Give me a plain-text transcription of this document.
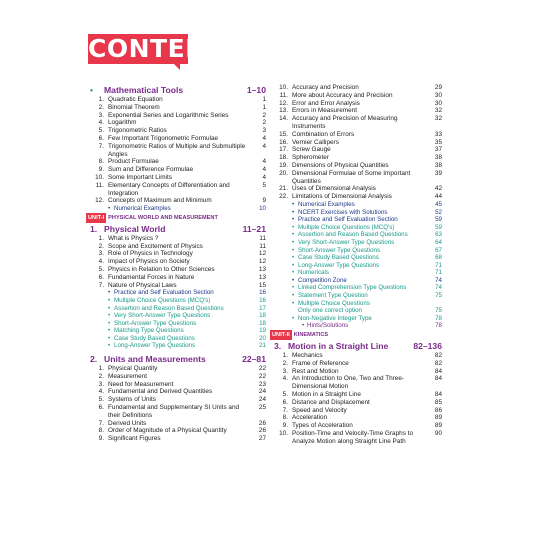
CONTENTS
•	Mathematical Tools	1–10
1. Quadratic Equation	1
2. Binomial Theorem	1
3. Exponential Series and Logarithmic Series	2
4. Logarithm	2
5. Trigonometric Ratios	3
6. Few Important Trigonometric Formulae	4
7. Trigonometric Ratios of Multiple and Submultiple Angles
4
8. Product Formulae	4
9. Sum and Difference Formulae	4
10. Some Important Limits	4
11. Elementary Concepts of Differentiation and Integration
5
12. Concepts of Maximum and Minimum	9
• Numerical Examples	10
UNIT-I PHYSICAL WORLD AND MEASUREMENT
1. Physical World	11–21
1. What is Physics ?	11
2. Scope and Excitement of Physics	11
3. Role of Physics in Technology	12
4. Impact of Physics on Society	12
5. Physics in Relation to Other Sciences	13
6. Fundamental Forces in Nature	13
7. Nature of Physical Laws	15
• Practice and Self Evaluation Section	16
• Multiple Choice Questions (MCQ's)	16
• Assertion and Reason Based Questions	17
• Very Short-Answer Type Questions	18
• Short-Answer Type Questions	18
• Matching Type Questions	19
• Case Study Based Questions	20
• Long-Answer Type Questions	21
2. Units and Measurements	22–81
1. Physical Quantity	22
2. Measurement	22
3. Need for Measurement	23
4. Fundamental and Derived Quantities	24
5. Systems of Units	24
6. Fundamental and Supplementary SI Units and their Definitions
25
7. Derived Units	26
8. Order of Magnitude of a Physical Quantity	26
9. Significant Figures	27
10. Accuracy and Precision	29
11. More about Accuracy and Precision	30
12. Error and Error Analysis	30
13. Errors in Measurement	32
14. Accuracy and Precision of Measuring Instruments
32
15. Combination of Errors	33
16. Vernier Callipers	35
17. Screw Gauge	37
18. Spherometer	38
19. Dimensions of Physical Quantities	38
20. Dimensional Formulae of Some Important Quantities
39
21. Uses of Dimensional Analysis	42
22. Limitations of Dimensional Analysis	44
• Numerical Examples	45
• NCERT Exercises with Solutions	52
• Practice and Self Evaluation Section	59
• Multiple Choice Questions (MCQ's)	59
• Assertion and Reason Based Questions	63
• Very Short-Answer Type Questions	64
• Short-Answer Type Questions	67
• Case Study Based Questions	68
• Long-Answer Type Questions	71
• Numericals	71
• Competition Zone	74
• Linked Comprehension Type Questions	74
• Statement Type Question	75
• Multiple Choice Questions
Only one correct option	75
• Non-Negative Integer Type	78
• Hints/Solutions	78
UNIT-II KINEMATICS
3. Motion in a Straight Line	82–136
1. Mechanics	82
2. Frame of Reference	82
3. Rest and Motion	84
4. An Introduction to One, Two and Three-Dimensional Motion
84
5. Motion in a Straight Line	84
6. Distance and Displacement	85
7. Speed and Velocity	86
8. Acceleration	89
9. Types of Acceleration	89
10. Position-Time and Velocity-Time Graphs to Analyze Motion along Straight Line Path
90
